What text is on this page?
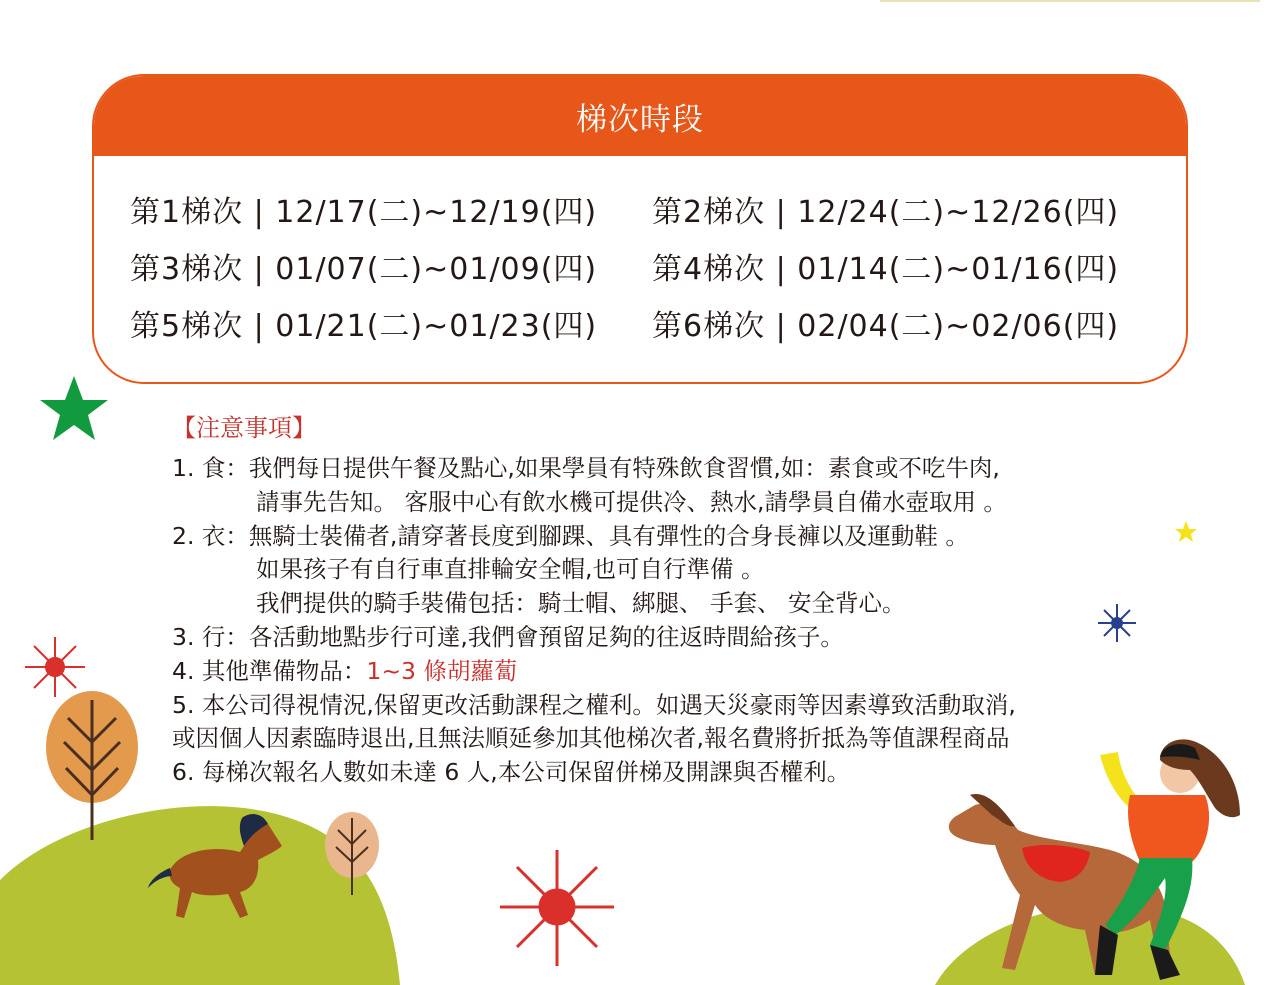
梯次時段
第1梯次 | 12/17(二)~12/19(四)	第2梯次 | 12/24(二)~12/26(四)
第3梯次 | 01/07(二)~01/09(四)	第4梯次 | 01/14(二)~01/16(四)
第5梯次 | 01/21(二)~01/23(四)	第6梯次 | 02/04(二)~02/06(四)
【注意事項】
1. 食：我們每日提供午餐及點心,如果學員有特殊飲食習慣,如：素食或不吃牛肉,
請事先告知。 客服中心有飲水機可提供冷、熱水,請學員自備水壺取用 。
2. 衣：無騎士裝備者,請穿著長度到腳踝、具有彈性的合身長褲以及運動鞋 。
如果孩子有自行車直排輪安全帽,也可自行準備 。
我們提供的騎手裝備包括：騎士帽、綁腿、 手套、 安全背心。
3. 行：各活動地點步行可達,我們會預留足夠的往返時間給孩子。
4. 其他準備物品：1~3 條胡蘿蔔
5. 本公司得視情況,保留更改活動課程之權利。如遇天災豪雨等因素導致活動取消,
或因個人因素臨時退出,且無法順延參加其他梯次者,報名費將折抵為等值課程商品
6. 每梯次報名人數如未達 6 人,本公司保留併梯及開課與否權利。
